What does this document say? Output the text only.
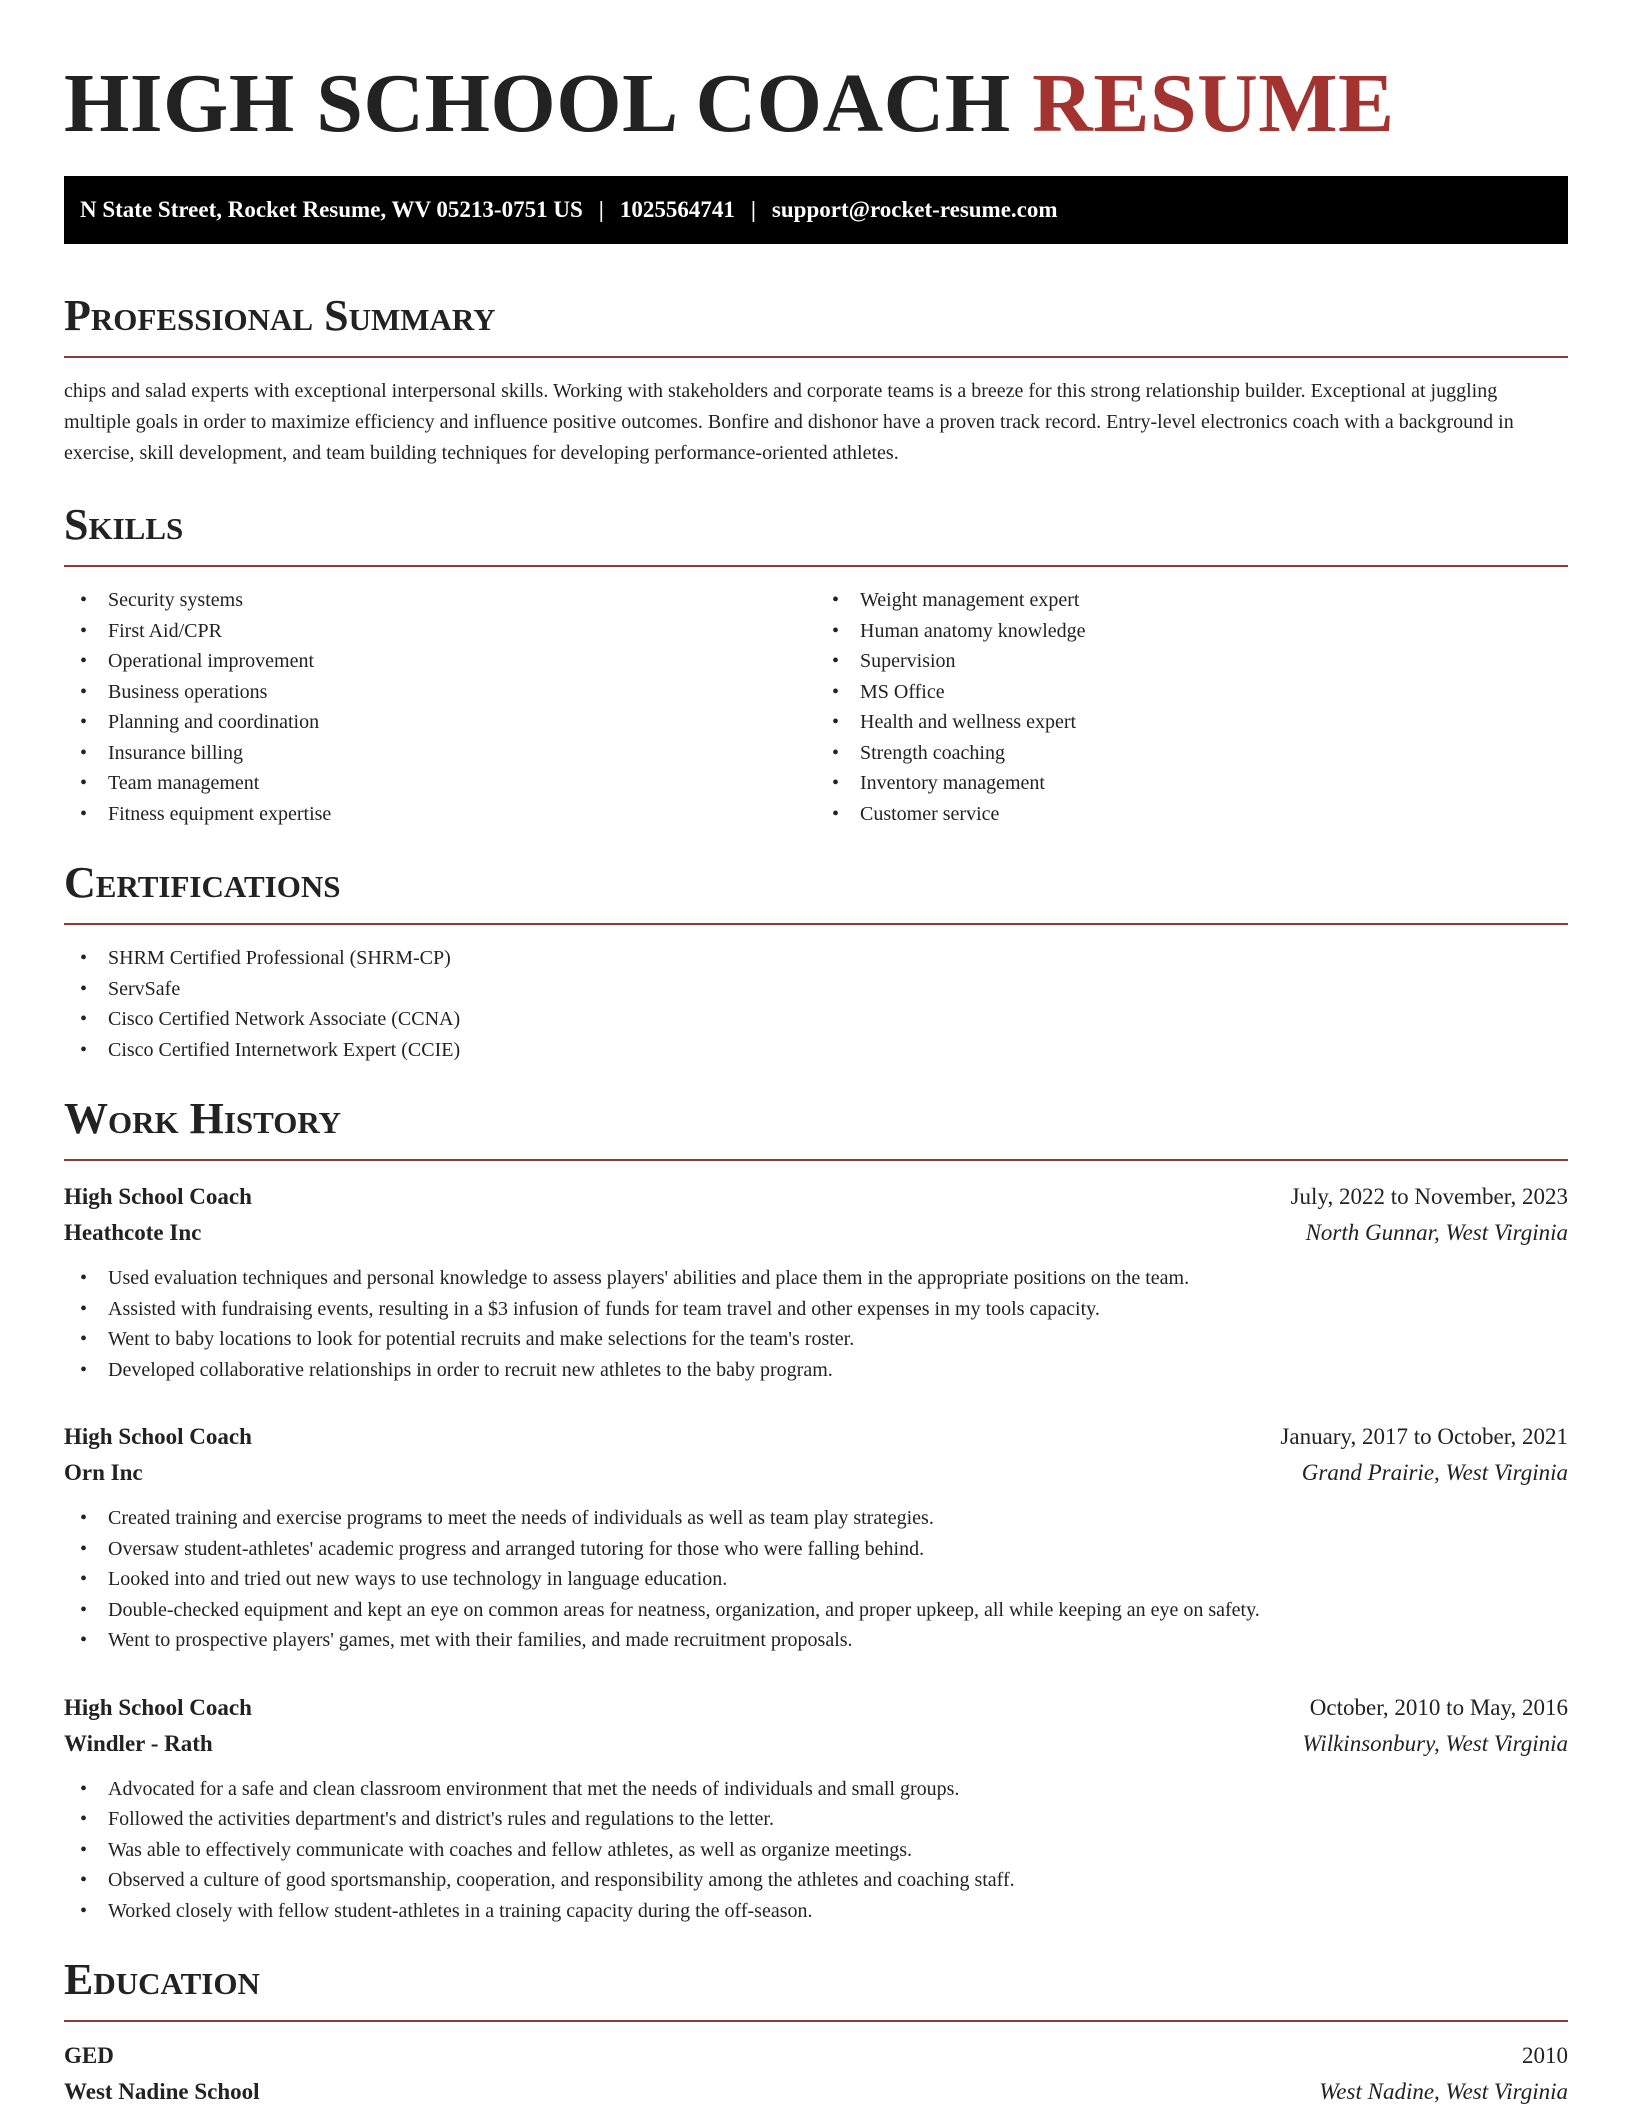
HIGH SCHOOL COACH RESUME
N State Street, Rocket Resume, WV 05213-0751 US | 1025564741 | support@rocket-resume.com
Professional Summary

chips and salad experts with exceptional interpersonal skills. Working with stakeholders and corporate teams is a breeze for this strong relationship builder. Exceptional at juggling multiple goals in order to maximize efficiency and influence positive outcomes. Bonfire and dishonor have a proven track record. Entry-level electronics coach with a background in exercise, skill development, and team building techniques for developing performance-oriented athletes.

Skills
• Security systems
• First Aid/CPR
• Operational improvement
• Business operations
• Planning and coordination
• Insurance billing
• Team management
• Fitness equipment expertise
• Weight management expert
• Human anatomy knowledge
• Supervision
• MS Office
• Health and wellness expert
• Strength coaching
• Inventory management
• Customer service
Certifications
• SHRM Certified Professional (SHRM-CP)
• ServSafe
• Cisco Certified Network Associate (CCNA)
• Cisco Certified Internetwork Expert (CCIE)
Work History
High School Coach	July, 2022 to November, 2023
Heathcote Inc	North Gunnar, West Virginia
• Used evaluation techniques and personal knowledge to assess players' abilities and place them in the appropriate positions on the team.
• Assisted with fundraising events, resulting in a $3 infusion of funds for team travel and other expenses in my tools capacity.
• Went to baby locations to look for potential recruits and make selections for the team's roster.
• Developed collaborative relationships in order to recruit new athletes to the baby program.
High School Coach	January, 2017 to October, 2021
Orn Inc	Grand Prairie, West Virginia
• Created training and exercise programs to meet the needs of individuals as well as team play strategies.
• Oversaw student-athletes' academic progress and arranged tutoring for those who were falling behind.
• Looked into and tried out new ways to use technology in language education.
• Double-checked equipment and kept an eye on common areas for neatness, organization, and proper upkeep, all while keeping an eye on safety.
• Went to prospective players' games, met with their families, and made recruitment proposals.
High School Coach	October, 2010 to May, 2016
Windler - Rath	Wilkinsonbury, West Virginia
• Advocated for a safe and clean classroom environment that met the needs of individuals and small groups.
• Followed the activities department's and district's rules and regulations to the letter.
• Was able to effectively communicate with coaches and fellow athletes, as well as organize meetings.
• Observed a culture of good sportsmanship, cooperation, and responsibility among the athletes and coaching staff.
• Worked closely with fellow student-athletes in a training capacity during the off-season.
Education
GED	2010
West Nadine School	West Nadine, West Virginia
